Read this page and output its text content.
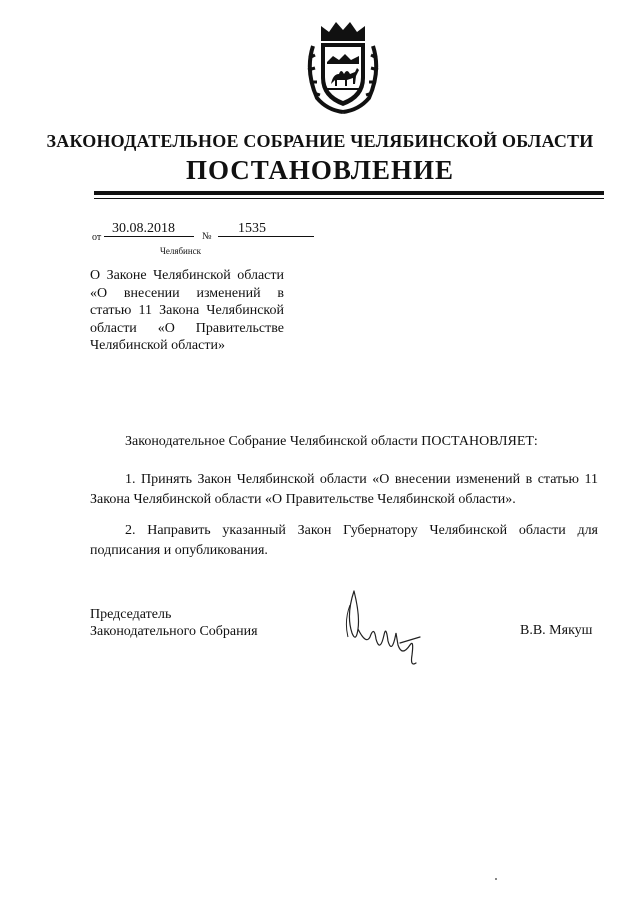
ЗАКОНОДАТЕЛЬНОЕ СОБРАНИЕ ЧЕЛЯБИНСКОЙ ОБЛАСТИ
ПОСТАНОВЛЕНИЕ
от
30.08.2018
№
1535
Челябинск
О Законе Челябинской области «О внесении изменений в статью 11 Закона Челябинской области «О Правительстве Челябинской области»
Законодательное Собрание Челябинской области ПОСТАНОВЛЯЕТ:
1. Принять Закон Челябинской области «О внесении изменений в статью 11 Закона Челябинской области «О Правительстве Челябинской области».
2. Направить указанный Закон Губернатору Челябинской области для подписания и опубликования.
Председатель
Законодательного Собрания	В.В. Мякуш
